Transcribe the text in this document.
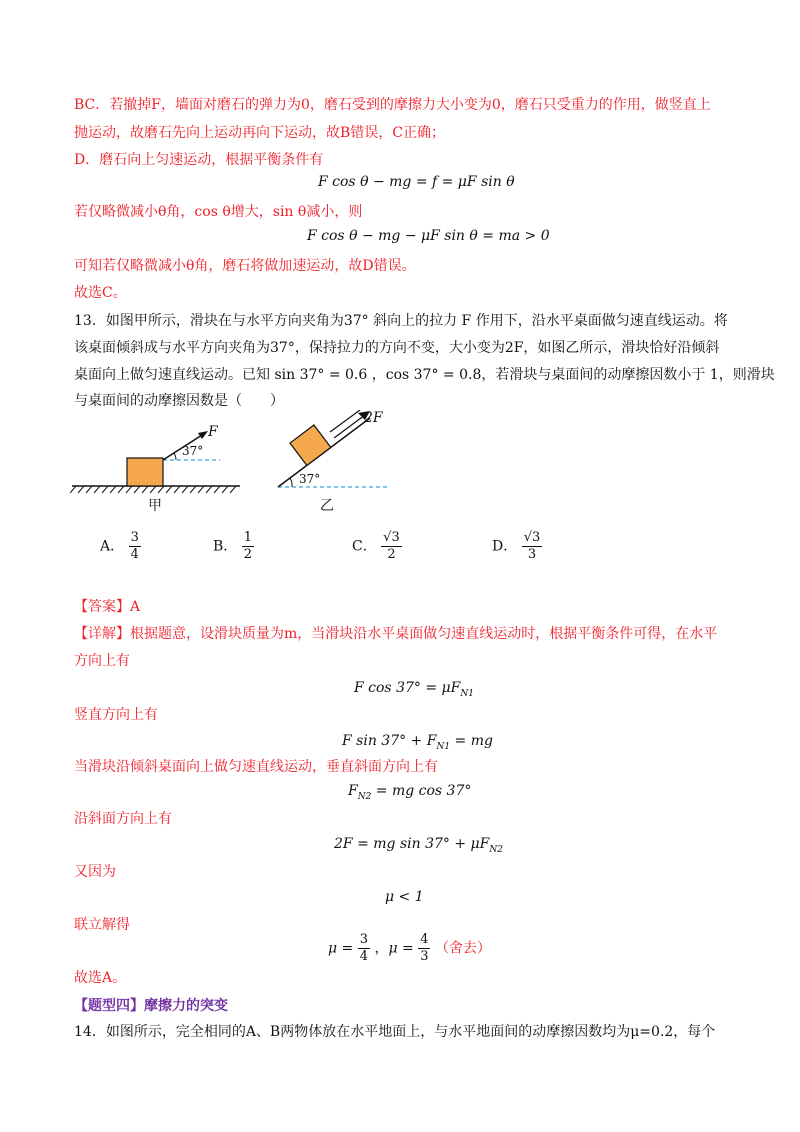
BC．若撤掉F，墙面对磨石的弹力为0，磨石受到的摩擦力大小变为0，磨石只受重力的作用，做竖直上
抛运动，故磨石先向上运动再向下运动，故B错误，C正确；
D．磨石向上匀速运动，根据平衡条件有
F cos θ − mg = f = μF sin θ
若仅略微减小θ角，cos θ增大，sin θ减小，则
F cos θ − mg − μF sin θ = ma > 0
可知若仅略微减小θ角，磨石将做加速运动，故D错误。
故选C。
13．如图甲所示，滑块在与水平方向夹角为37° 斜向上的拉力 F 作用下，沿水平桌面做匀速直线运动。将
该桌面倾斜成与水平方向夹角为37°，保持拉力的方向不变，大小变为2F，如图乙所示，滑块恰好沿倾斜
桌面向上做匀速直线运动。已知 sin 37° = 0.6 ，cos 37° = 0.8，若滑块与桌面间的动摩擦因数小于 1，则滑块
与桌面间的动摩擦因数是（　　）
F
37°
甲
2F
37°
乙
A． $\frac{3}{4}$	B． $\frac{1}{2}$	C． $\frac{√3}{2}$	D． $\frac{√3}{3}$
【答案】A
【详解】根据题意，设滑块质量为m，当滑块沿水平桌面做匀速直线运动时，根据平衡条件可得，在水平
方向上有
F $\cos 37^\circ = \mu F_{N1}$
竖直方向上有
F $\sin 37^\circ + F_{N1}$ = mg
当滑块沿倾斜桌面向上做匀速直线运动，垂直斜面方向上有
$F_{N2}$ = mg cos 37°
沿斜面方向上有
2F = mg $\sin 37^\circ + \mu F_{N2}$
又因为
μ < 1
联立解得
$\mu = \frac{3}{4}$ ，$\mu = \frac{4}{3}$ （舍去）
故选A。
【题型四】摩擦力的突变
14．如图所示，完全相同的A、B两物体放在水平地面上，与水平地面间的动摩擦因数均为μ=0.2，每个
